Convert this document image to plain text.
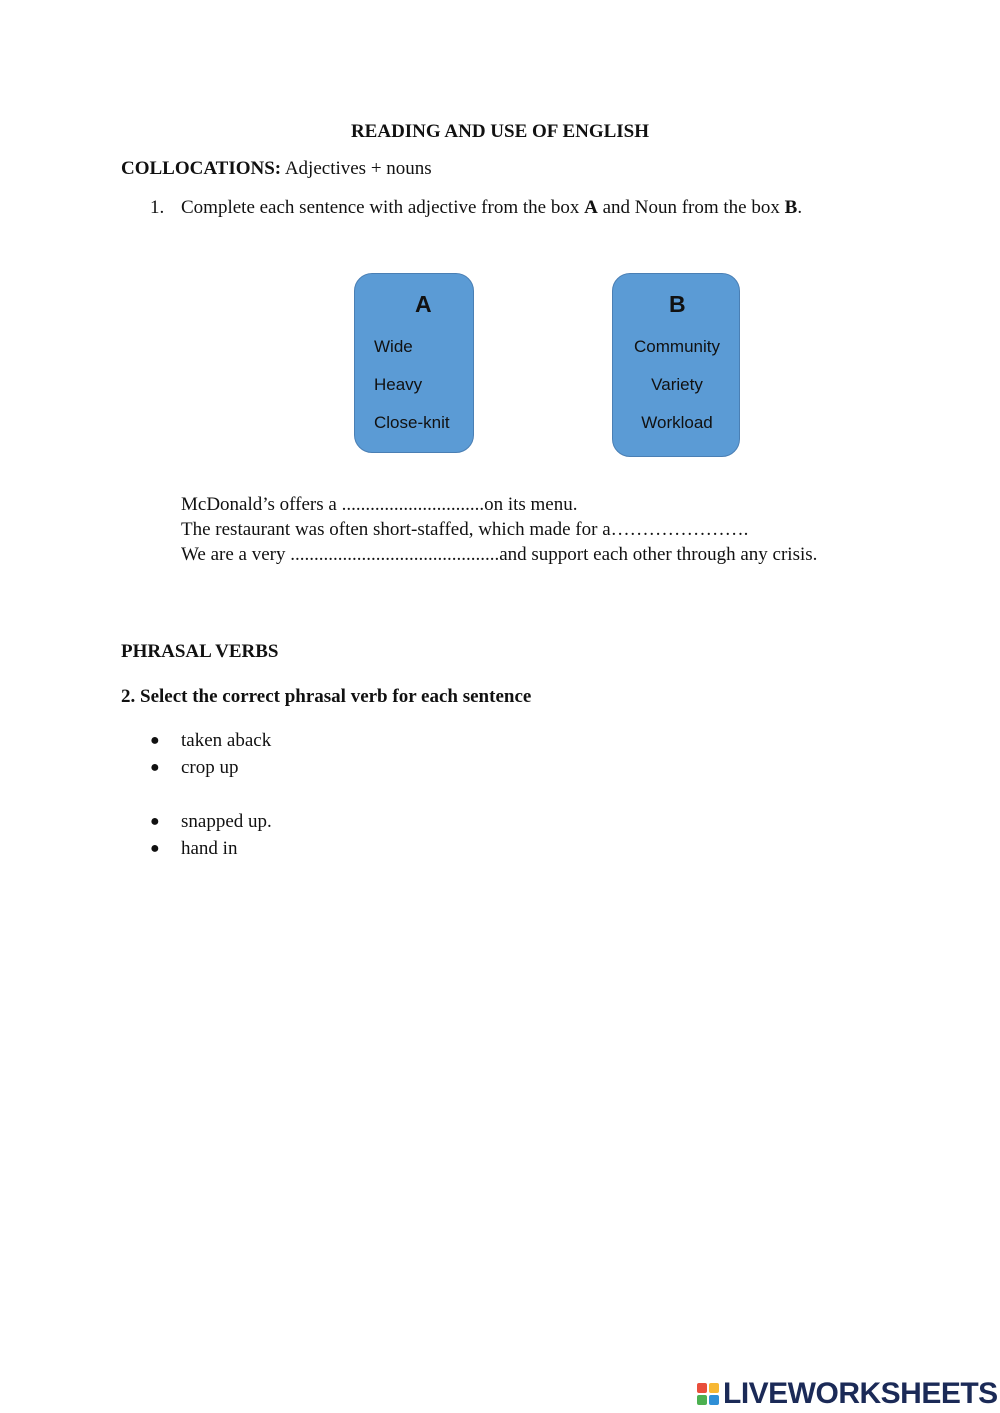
READING AND USE OF ENGLISH
COLLOCATIONS: Adjectives + nouns
1. Complete each sentence with adjective from the box A and Noun from the box B.
A
Wide
Heavy
Close-knit
B
Community
Variety
Workload
McDonald’s offers a ..............................on its menu.
The restaurant was often short-staffed, which made for a………………….
We are a very ............................................and support each other through any crisis.
PHRASAL VERBS
2. Select the correct phrasal verb for each sentence
● taken aback
● crop up
● snapped up.
● hand in
LIVEWORKSHEETS
